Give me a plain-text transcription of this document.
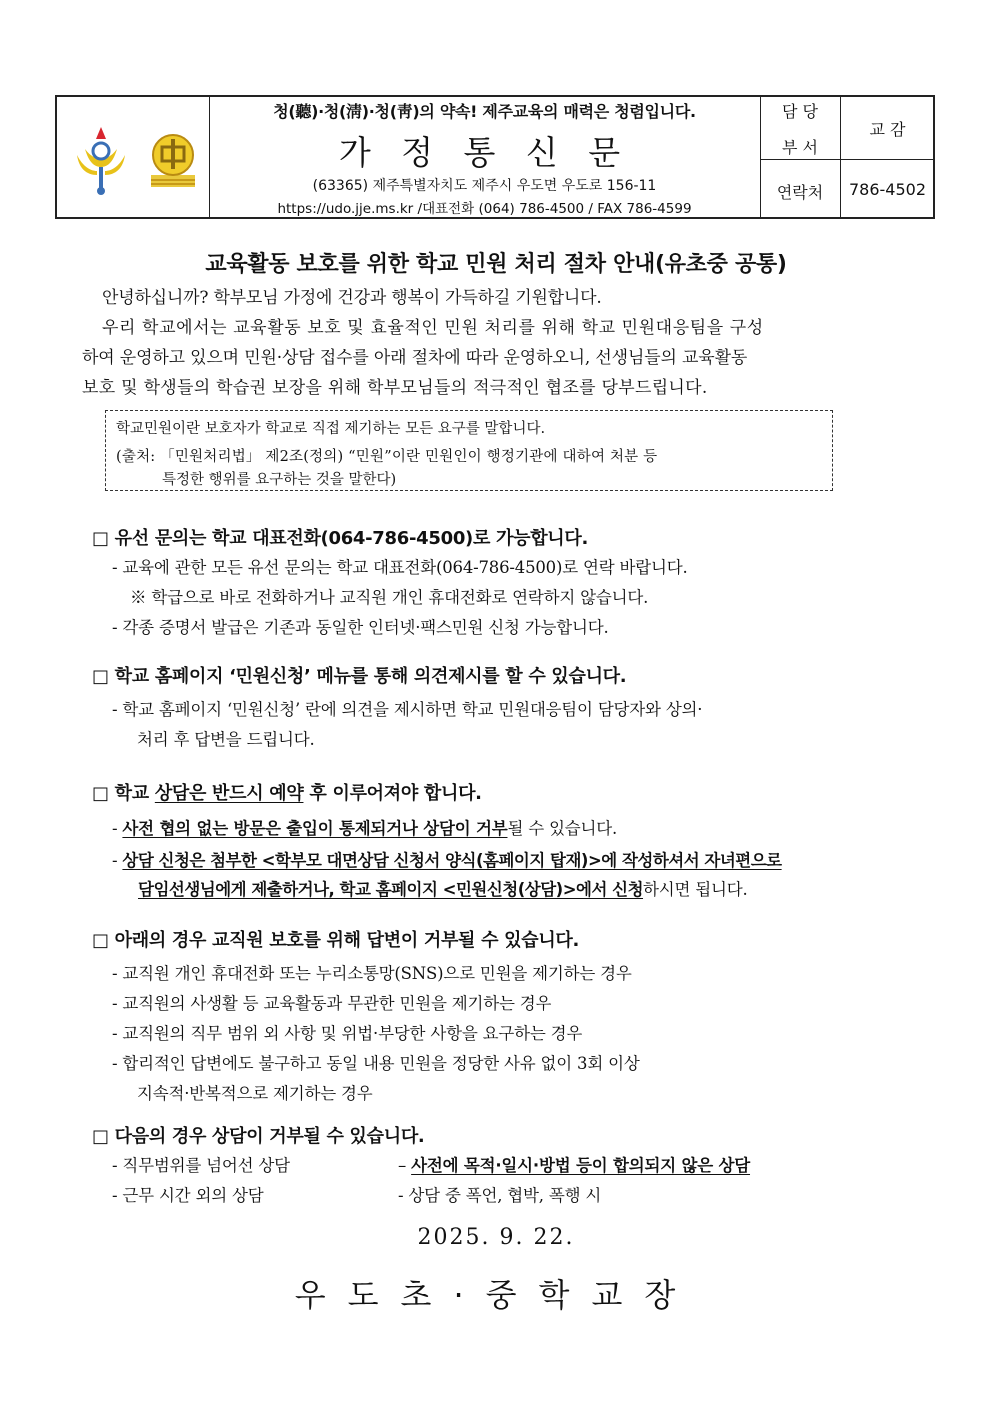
청(聽)·청(淸)·청(靑)의 약속! 제주교육의 매력은 청렴입니다.
가 정 통 신 문
(63365) 제주특별자치도 제주시 우도면 우도로 156-11
https://udo.jje.ms.kr /대표전화 (064) 786-4500 / FAX 786-4599
담 당
부 서
교 감
연락처	786-4502
교육활동 보호를 위한 학교 민원 처리 절차 안내(유초중 공통)
안녕하십니까? 학부모님 가정에 건강과 행복이 가득하길 기원합니다.
우리 학교에서는 교육활동 보호 및 효율적인 민원 처리를 위해 학교 민원대응팀을 구성
하여 운영하고 있으며 민원·상담 접수를 아래 절차에 따라 운영하오니, 선생님들의 교육활동
보호 및 학생들의 학습권 보장을 위해 학부모님들의 적극적인 협조를 당부드립니다.
학교민원이란 보호자가 학교로 직접 제기하는 모든 요구를 말합니다.
(출처: 「민원처리법」 제2조(정의) “민원”이란 민원인이 행정기관에 대하여 처분 등
특정한 행위를 요구하는 것을 말한다)
□ 유선 문의는 학교 대표전화(064-786-4500)로 가능합니다.
- 교육에 관한 모든 유선 문의는 학교 대표전화(064-786-4500)로 연락 바랍니다.
※ 학급으로 바로 전화하거나 교직원 개인 휴대전화로 연락하지 않습니다.
- 각종 증명서 발급은 기존과 동일한 인터넷·팩스민원 신청 가능합니다.
□ 학교 홈페이지 ‘민원신청’ 메뉴를 통해 의견제시를 할 수 있습니다.
- 학교 홈페이지 ‘민원신청’ 란에 의견을 제시하면 학교 민원대응팀이 담당자와 상의·
처리 후 답변을 드립니다.
□ 학교 상담은 반드시 예약 후 이루어져야 합니다.
- 사전 협의 없는 방문은 출입이 통제되거나 상담이 거부될 수 있습니다.
- 상담 신청은 첨부한 <학부모 대면상담 신청서 양식(홈페이지 탑재)>에 작성하셔서 자녀편으로
담임선생님에게 제출하거나, 학교 홈페이지 <민원신청(상담)>에서 신청하시면 됩니다.
□ 아래의 경우 교직원 보호를 위해 답변이 거부될 수 있습니다.
- 교직원 개인 휴대전화 또는 누리소통망(SNS)으로 민원을 제기하는 경우
- 교직원의 사생활 등 교육활동과 무관한 민원을 제기하는 경우
- 교직원의 직무 범위 외 사항 및 위법·부당한 사항을 요구하는 경우
- 합리적인 답변에도 불구하고 동일 내용 민원을 정당한 사유 없이 3회 이상
지속적·반복적으로 제기하는 경우
□ 다음의 경우 상담이 거부될 수 있습니다.
- 직무범위를 넘어선 상담
- 근무 시간 외의 상담
– 사전에 목적·일시·방법 등이 합의되지 않은 상담
- 상담 중 폭언, 협박, 폭행 시
2025. 9. 22.
우도초·중학교장
